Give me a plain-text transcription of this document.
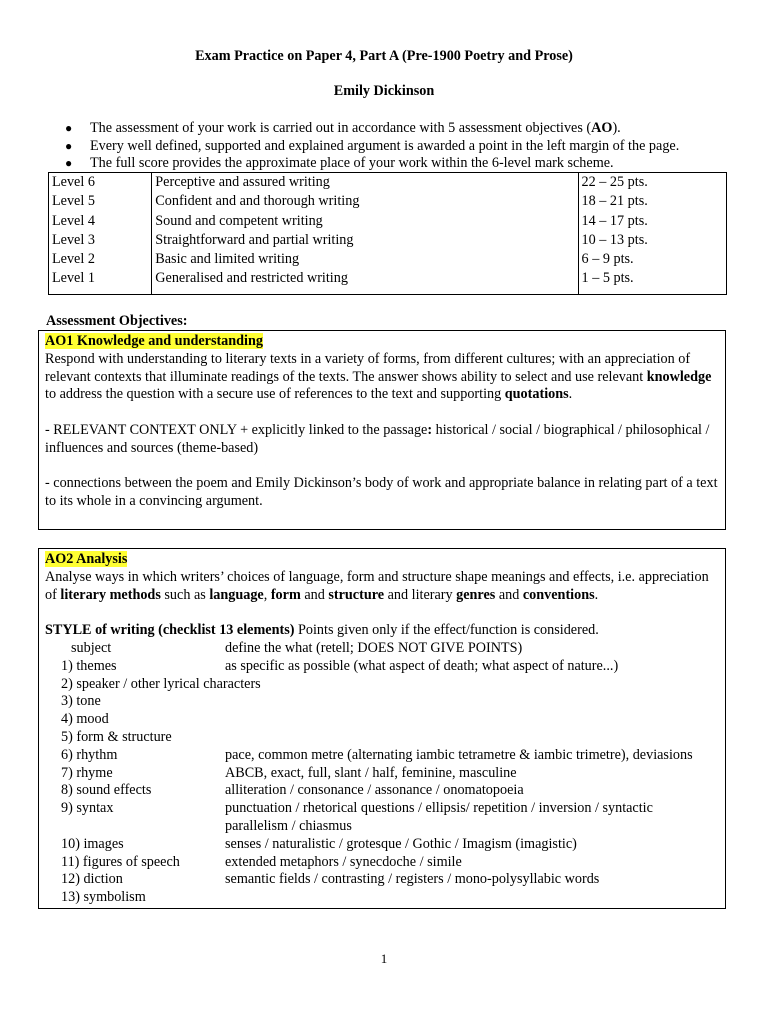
Exam Practice on Paper 4, Part A (Pre-1900 Poetry and Prose)
Emily Dickinson
● The assessment of your work is carried out in accordance with 5 assessment objectives (AO).
● Every well defined, supported and explained argument is awarded a point in the left margin of the page.
● The full score provides the approximate place of your work within the 6-level mark scheme.
Level 6	Perceptive and assured writing	22 – 25 pts.
Level 5	Confident and and thorough writing	18 – 21 pts.
Level 4	Sound and competent writing	14 – 17 pts.
Level 3	Straightforward and partial writing	10 – 13 pts.
Level 2	Basic and limited writing	6 – 9 pts.
Level 1	Generalised and restricted writing	1 – 5 pts.
Assessment Objectives:
AO1 Knowledge and understanding
Respond with understanding to literary texts in a variety of forms, from different cultures; with an appreciation of relevant contexts that illuminate readings of the texts. The answer shows ability to select and use relevant knowledge to address the question with a secure use of references to the text and supporting quotations.
- RELEVANT CONTEXT ONLY + explicitly linked to the passage: historical / social / biographical / philosophical / influences and sources (theme-based)
- connections between the poem and Emily Dickinson’s body of work and appropriate balance in relating part of a text to its whole in a convincing argument.
AO2 Analysis
Analyse ways in which writers’ choices of language, form and structure shape meanings and effects, i.e. appreciation of literary methods such as language, form and structure and literary genres and conventions.
STYLE of writing (checklist 13 elements) Points given only if the effect/function is considered.
subject	define the what (retell; DOES NOT GIVE POINTS)
1) themes	as specific as possible (what aspect of death; what aspect of nature...)
2) speaker / other lyrical characters
3) tone
4) mood
5) form & structure
6) rhythm	pace, common metre (alternating iambic tetrametre & iambic trimetre), deviasions
7) rhyme	ABCB, exact, full, slant / half, feminine, masculine
8) sound effects	alliteration / consonance / assonance / onomatopoeia
9) syntax	punctuation / rhetorical questions / ellipsis/ repetition / inversion / syntactic
parallelism / chiasmus
10) images	senses / naturalistic / grotesque / Gothic / Imagism (imagistic)
11) figures of speech	extended metaphors / synecdoche / simile
12) diction	semantic fields / contrasting / registers / mono-polysyllabic words
13) symbolism
1
